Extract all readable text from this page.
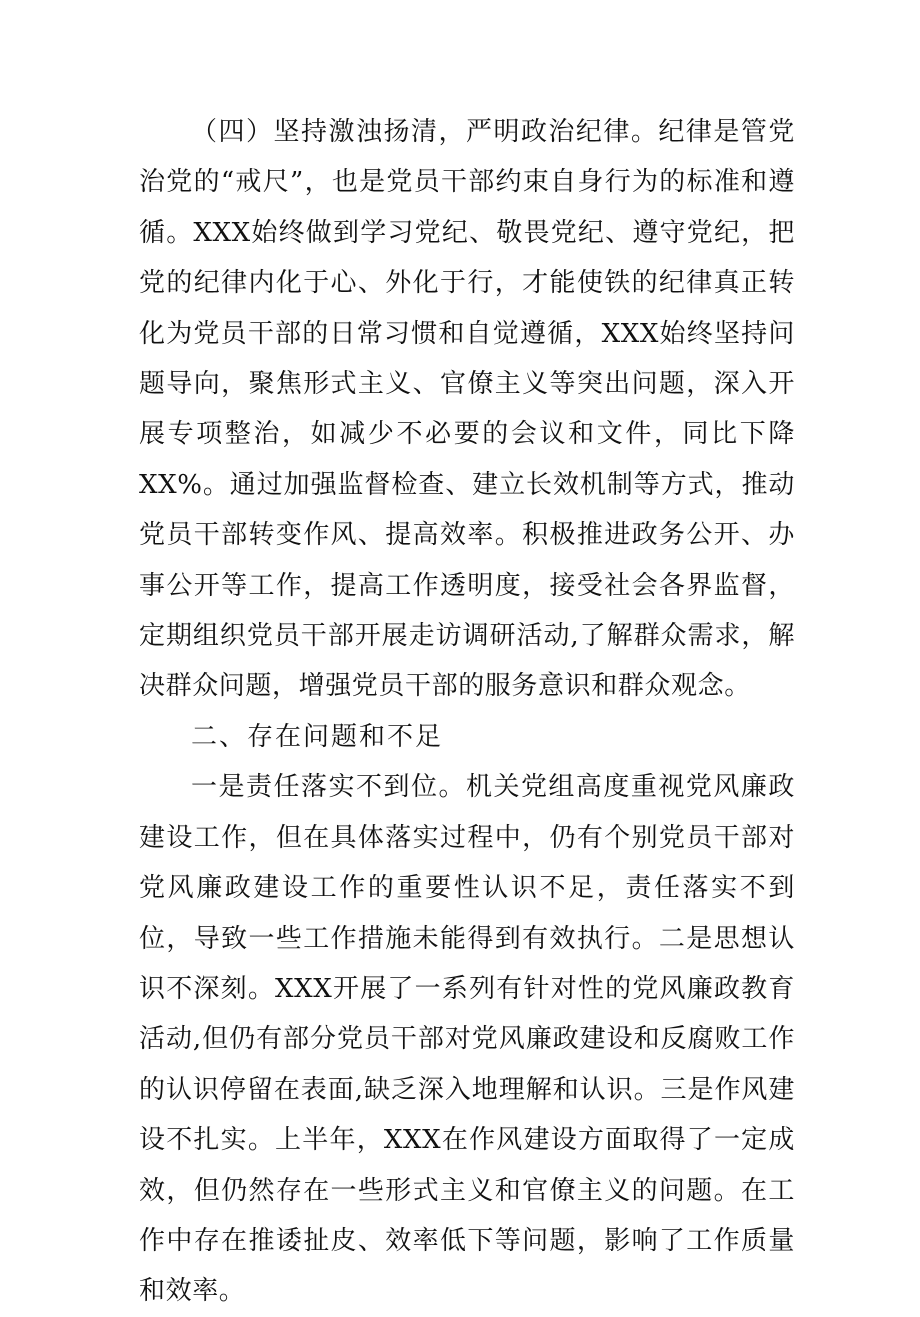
（四）坚持激浊扬清，严明政治纪律。纪律是管党治党的“戒尺”，也是党员干部约束自身行为的标准和遵循。XXX始终做到学习党纪、敬畏党纪、遵守党纪，把党的纪律内化于心、外化于行，才能使铁的纪律真正转化为党员干部的日常习惯和自觉遵循，XXX始终坚持问题导向，聚焦形式主义、官僚主义等突出问题，深入开展专项整治，如减少不必要的会议和文件，同比下降XX%。通过加强监督检查、建立长效机制等方式，推动党员干部转变作风、提高效率。积极推进政务公开、办事公开等工作，提高工作透明度，接受社会各界监督，定期组织党员干部开展走访调研活动,了解群众需求，解决群众问题，增强党员干部的服务意识和群众观念。

二、存在问题和不足

一是责任落实不到位。机关党组高度重视党风廉政建设工作，但在具体落实过程中，仍有个别党员干部对党风廉政建设工作的重要性认识不足，责任落实不到位，导致一些工作措施未能得到有效执行。二是思想认识不深刻。XXX开展了一系列有针对性的党风廉政教育活动,但仍有部分党员干部对党风廉政建设和反腐败工作的认识停留在表面,缺乏深入地理解和认识。三是作风建设不扎实。上半年，XXX在作风建设方面取得了一定成效，但仍然存在一些形式主义和官僚主义的问题。在工作中存在推诿扯皮、效率低下等问题，影响了工作质量和效率。
